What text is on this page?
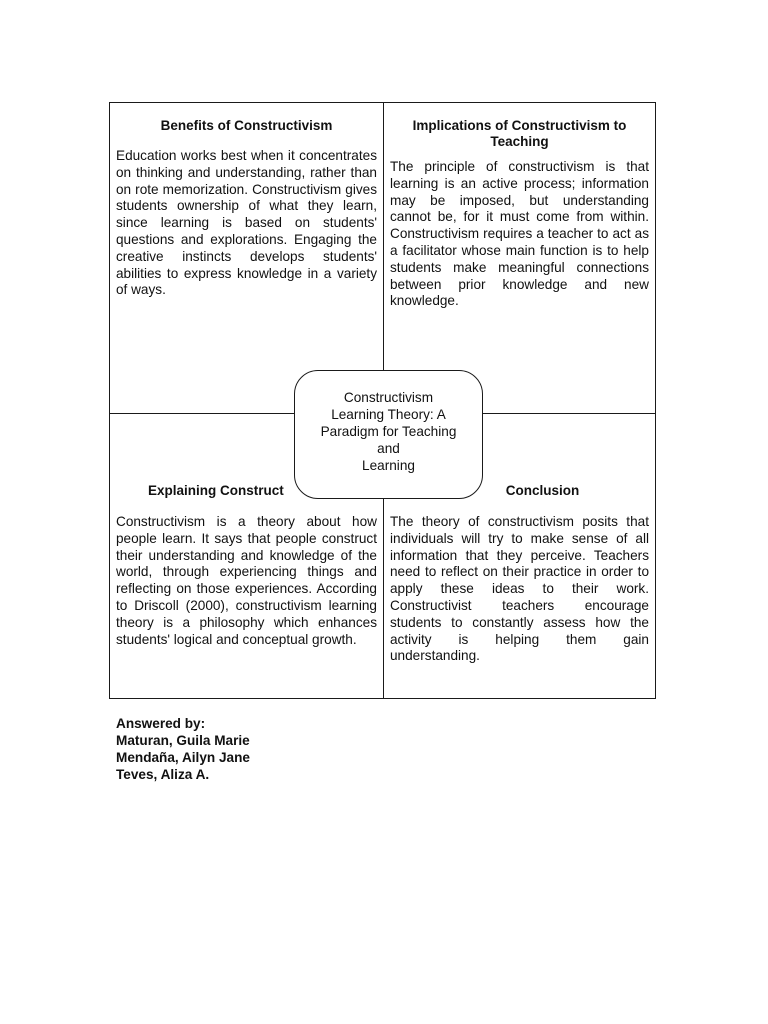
Benefits of Constructivism

Education works best when it concentrates on thinking and understanding, rather than on rote memorization. Constructivism gives students ownership of what they learn, since learning is based on students' questions and explorations. Engaging the creative instincts develops students' abilities to express knowledge in a variety of ways.

Implications of Constructivism to Teaching

The principle of constructivism is that learning is an active process; information may be imposed, but understanding cannot be, for it must come from within. Constructivism requires a teacher to act as a facilitator whose main function is to help students make meaningful connections between prior knowledge and new knowledge.

Explaining Construct

Constructivism is a theory about how people learn. It says that people construct their understanding and knowledge of the world, through experiencing things and reflecting on those experiences. According to Driscoll (2000), constructivism learning theory is a philosophy which enhances students' logical and conceptual growth.

Conclusion

The theory of constructivism posits that individuals will try to make sense of all information that they perceive. Teachers need to reflect on their practice in order to apply these ideas to their work. Constructivist teachers encourage students to constantly assess how the activity is helping them gain understanding.

Constructivism
Learning Theory: A
Paradigm for Teaching
and
Learning
Answered by:
Maturan, Guila Marie
Mendaña, Ailyn Jane
Teves, Aliza A.
